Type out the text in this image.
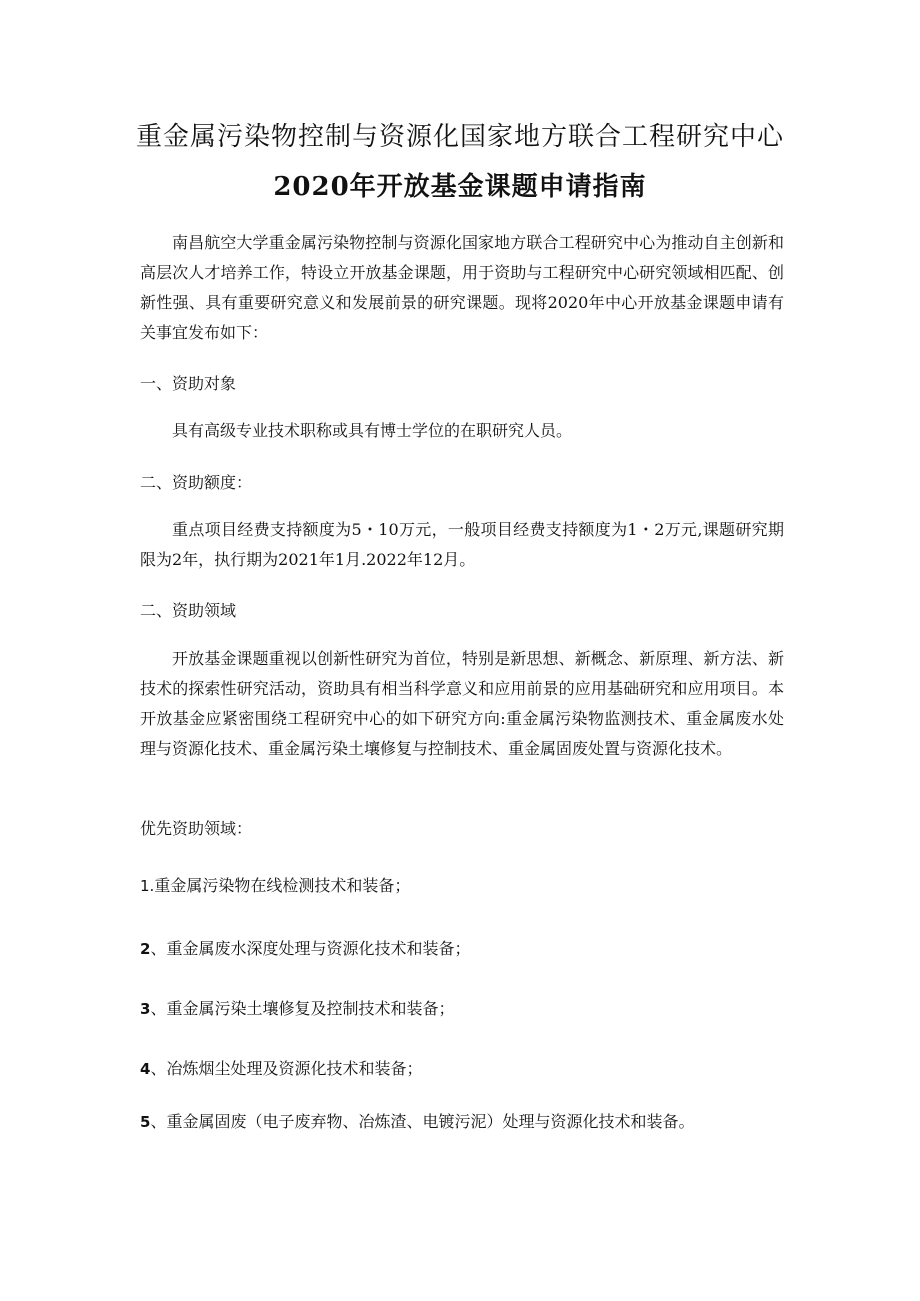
重金属污染物控制与资源化国家地方联合工程研究中心
2020年开放基金课题申请指南

南昌航空大学重金属污染物控制与资源化国家地方联合工程研究中心为推动自主创新和高层次人才培养工作，特设立开放基金课题，用于资助与工程研究中心研究领域相匹配、创新性强、具有重要研究意义和发展前景的研究课题。现将2020年中心开放基金课题申请有关事宜发布如下：

一、资助对象

具有高级专业技术职称或具有博士学位的在职研究人员。

二、资助额度：

重点项目经费支持额度为5・10万元，一般项目经费支持额度为1・2万元,课题研究期限为2年，执行期为2021年1月.2022年12月。

二、资助领域

开放基金课题重视以创新性研究为首位，特别是新思想、新概念、新原理、新方法、新技术的探索性研究活动，资助具有相当科学意义和应用前景的应用基础研究和应用项目。本开放基金应紧密围绕工程研究中心的如下研究方向:重金属污染物监测技术、重金属废水处理与资源化技术、重金属污染土壤修复与控制技术、重金属固废处置与资源化技术。

优先资助领域：
1.重金属污染物在线检测技术和装备；
2、重金属废水深度处理与资源化技术和装备；
3、重金属污染土壤修复及控制技术和装备；
4、冶炼烟尘处理及资源化技术和装备；
5、重金属固废（电子废弃物、冶炼渣、电镀污泥）处理与资源化技术和装备。
